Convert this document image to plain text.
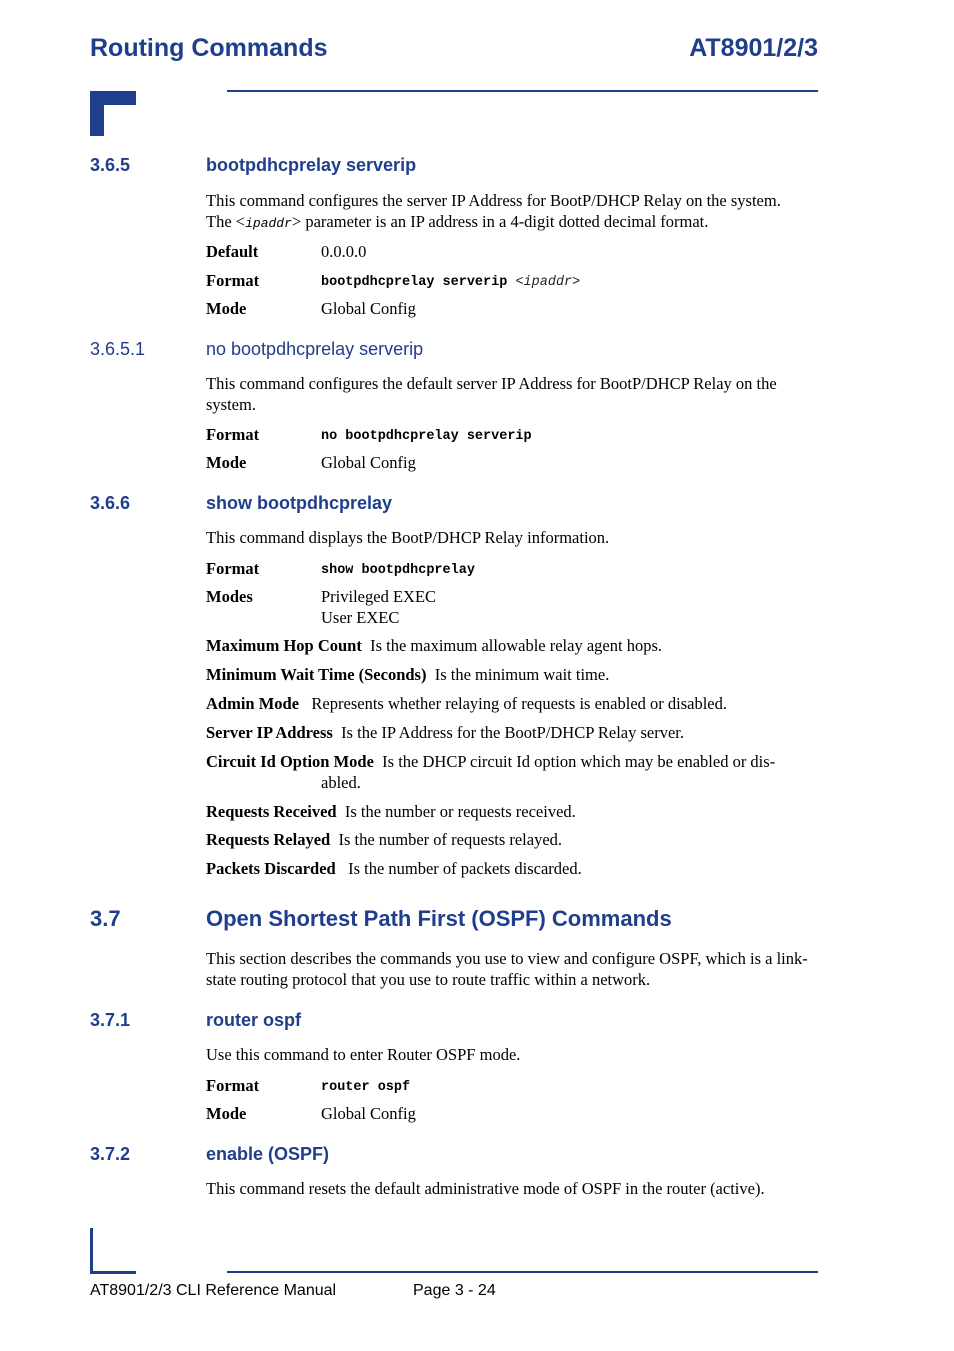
Routing Commands	AT8901/2/3
3.6.5	bootpdhcprelay serverip
This command configures the server IP Address for BootP/DHCP Relay on the system.
The <ipaddr> parameter is an IP address in a 4-digit dotted decimal format.
Default	0.0.0.0
Format	bootpdhcprelay serverip <ipaddr>
Mode	Global Config
3.6.5.1	no bootpdhcprelay serverip
This command configures the default server IP Address for BootP/DHCP Relay on the system.
Format	no bootpdhcprelay serverip
Mode	Global Config
3.6.6	show bootpdhcprelay
This command displays the BootP/DHCP Relay information.
Format	show bootpdhcprelay
Modes	Privileged EXEC
User EXEC
Maximum Hop Count Is the maximum allowable relay agent hops.
Minimum Wait Time (Seconds) Is the minimum wait time.
Admin Mode Represents whether relaying of requests is enabled or disabled.
Server IP Address Is the IP Address for the BootP/DHCP Relay server.
Circuit Id Option Mode Is the DHCP circuit Id option which may be enabled or dis-
abled.
Requests Received Is the number or requests received.
Requests Relayed Is the number of requests relayed.
Packets Discarded Is the number of packets discarded.
3.7	Open Shortest Path First (OSPF) Commands
This section describes the commands you use to view and configure OSPF, which is a link-state routing protocol that you use to route traffic within a network.
3.7.1	router ospf
Use this command to enter Router OSPF mode.
Format	router ospf
Mode	Global Config
3.7.2	enable (OSPF)
This command resets the default administrative mode of OSPF in the router (active).
AT8901/2/3 CLI Reference Manual	Page 3 - 24
